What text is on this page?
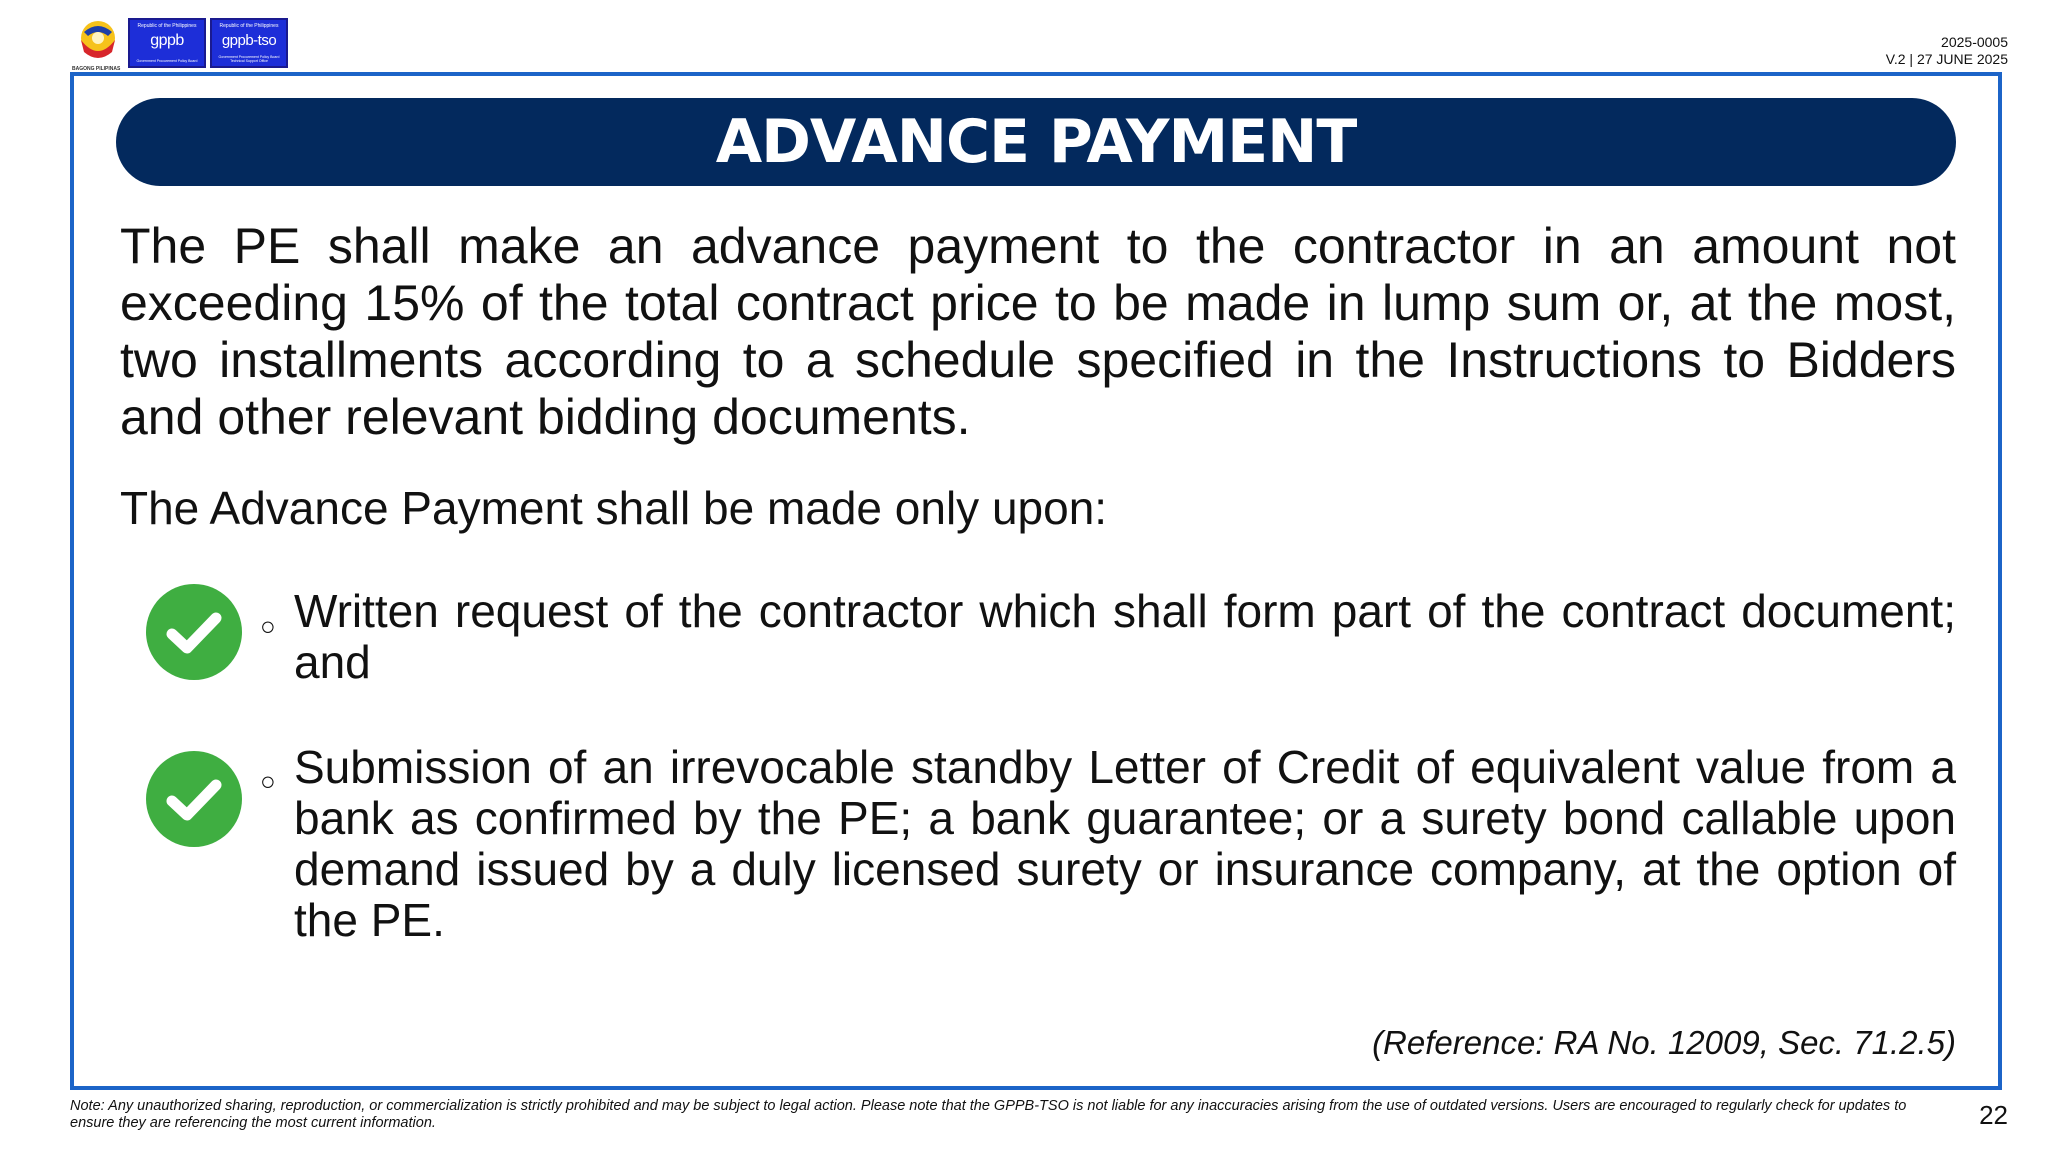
BAGONG PILIPINAS
Republic of the Philippines
gppb
Government Procurement Policy Board
Republic of the Philippines
gppb-tso
Government Procurement Policy Board Technical Support Office
2025-0005
V.2 | 27 JUNE 2025
ADVANCE PAYMENT

The PE shall make an advance payment to the contractor in an amount not exceeding 15% of the total contract price to be made in lump sum or, at the most, two installments according to a schedule specified in the Instructions to Bidders and other relevant bidding documents.

The Advance Payment shall be made only upon:

○ Written request of the contractor which shall form part of the contract document; and

○ Submission of an irrevocable standby Letter of Credit of equivalent value from a bank as confirmed by the PE; a bank guarantee; or a surety bond callable upon demand issued by a duly licensed surety or insurance company, at the option of the PE.

(Reference: RA No. 12009, Sec. 71.2.5)
Note: Any unauthorized sharing, reproduction, or commercialization is strictly prohibited and may be subject to legal action. Please note that the GPPB-TSO is not liable for any inaccuracies arising from the use of outdated versions. Users are encouraged to regularly check for updates to ensure they are referencing the most current information.	22
